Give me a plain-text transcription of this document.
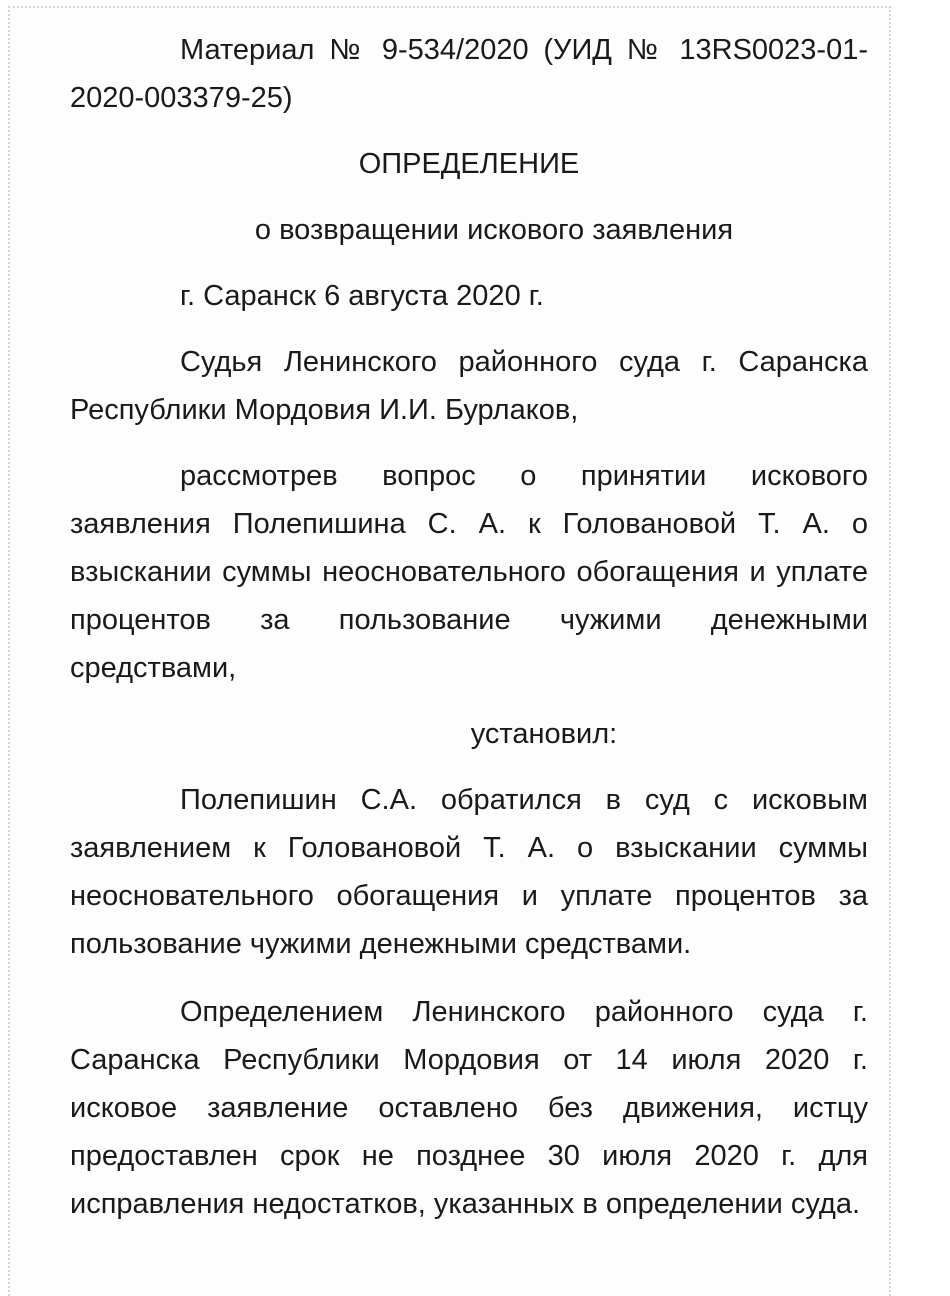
Материал № 9-534/2020 (УИД № 13RS0023-01-2020-003379-25)

ОПРЕДЕЛЕНИЕ

о возвращении искового заявления

г. Саранск 6 августа 2020 г.

Судья Ленинского районного суда г. Саранска Республики Мордовия И.И. Бурлаков,

рассмотрев вопрос о принятии искового заявления Полепишина С. А. к Головановой Т. А. о взыскании суммы неосновательного обогащения и уплате процентов за пользование чужими денежными средствами,

установил:

Полепишин С.А. обратился в суд с исковым заявлением к Головановой Т. А. о взыскании суммы неосновательного обогащения и уплате процентов за пользование чужими денежными средствами.

Определением Ленинского районного суда г. Саранска Республики Мордовия от 14 июля 2020 г. исковое заявление оставлено без движения, истцу предоставлен срок не позднее 30 июля 2020 г. для исправления недостатков, указанных в определении суда.
